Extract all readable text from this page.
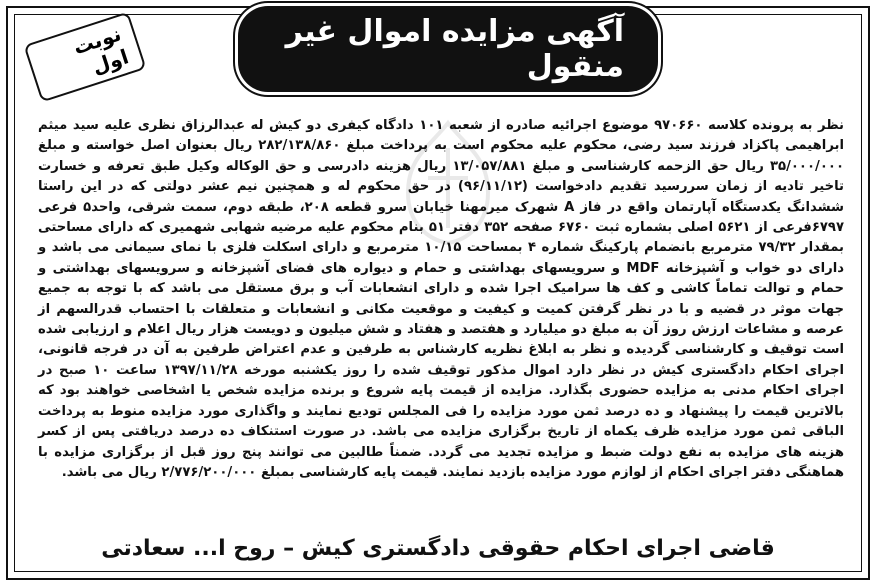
نوبت اول
آگهی مزایده اموال غیر منقول
نظر به پرونده کلاسه ۹۷۰۶۶۰ موضوع اجرائیه صادره از شعبه ۱۰۱ دادگاه کیفری دو کیش له عبدالرزاق نظری علیه سید میثم ابراهیمی پاکزاد فرزند سید رضی، محکوم علیه محکوم است به پرداخت مبلغ ۲۸۲/۱۳۸/۸۶۰ ریال بعنوان اصل خواسته و مبلغ ۳۵/۰۰۰/۰۰۰ ریال حق الزحمه کارشناسی و مبلغ ۱۳/۰۵۷/۸۸۱ ریال هزینه دادرسی و حق الوکاله وکیل طبق تعرفه و خسارت تاخیر تادیه از زمان سررسید تقدیم دادخواست (۹۶/۱۱/۱۲) در حق محکوم له و همچنین نیم عشر دولتی که در این راستا ششدانگ یکدستگاه آپارتمان واقع در فاز A شهرک میرمهنا خیابان سرو قطعه ۲۰۸، طبقه دوم، سمت شرقی، واحد۵ فرعی ۶۷۹۷فرعی از ۵۶۲۱ اصلی بشماره ثبت ۶۷۶۰ صفحه ۳۵۲ دفتر ۵۱ بنام محکوم علیه مرضیه شهابی شهمیری که دارای مساحتی بمقدار ۷۹/۳۲ مترمربع بانضمام پارکینگ شماره ۴ بمساحت ۱۰/۱۵ مترمربع و دارای اسکلت فلزی با نمای سیمانی می باشد و دارای دو خواب و آشپزخانه MDF و سرویسهای بهداشتی و حمام و دیواره های فضای آشپزخانه و سرویسهای بهداشتی و حمام و توالت تماماً کاشی و کف ها سرامیک اجرا شده و دارای انشعابات آب و برق مستقل می باشد که با توجه به جمیع جهات موثر در قضیه و با در نظر گرفتن کمیت و کیفیت و موقعیت مکانی و انشعابات و متعلقات با احتساب قدرالسهم از عرصه و مشاعات ارزش روز آن به مبلغ دو میلیارد و هفتصد و هفتاد و شش میلیون و دویست هزار ریال اعلام و ارزیابی شده است توقیف و کارشناسی گردیده و نظر به ابلاغ نظریه کارشناس به طرفین و عدم اعتراض طرفین به آن در فرجه قانونی، اجرای احکام دادگستری کیش در نظر دارد اموال مذکور توقیف شده را روز یکشنبه مورخه ۱۳۹۷/۱۱/۲۸ ساعت ۱۰ صبح در اجرای احکام مدنی به مزایده حضوری بگذارد. مزایده از قیمت پایه شروع و برنده مزایده شخص یا اشخاصی خواهند بود که بالاترین قیمت را پیشنهاد و ده درصد ثمن مورد مزایده را فی المجلس تودیع نمایند و واگذاری مورد مزایده منوط به پرداخت الباقی ثمن مورد مزایده ظرف یکماه از تاریخ برگزاری مزایده می باشد. در صورت استنکاف ده درصد دریافتی پس از کسر هزینه های مزایده به نفع دولت ضبط و مزایده تجدید می گردد. ضمناً طالبین می توانند پنج روز قبل از برگزاری مزایده با هماهنگی دفتر اجرای احکام از لوازم مورد مزایده بازدید نمایند. قیمت پایه کارشناسی بمبلغ ۲/۷۷۶/۲۰۰/۰۰۰ ریال می باشد.
قاضی اجرای احکام حقوقی دادگستری کیش – روح ا... سعادتی
